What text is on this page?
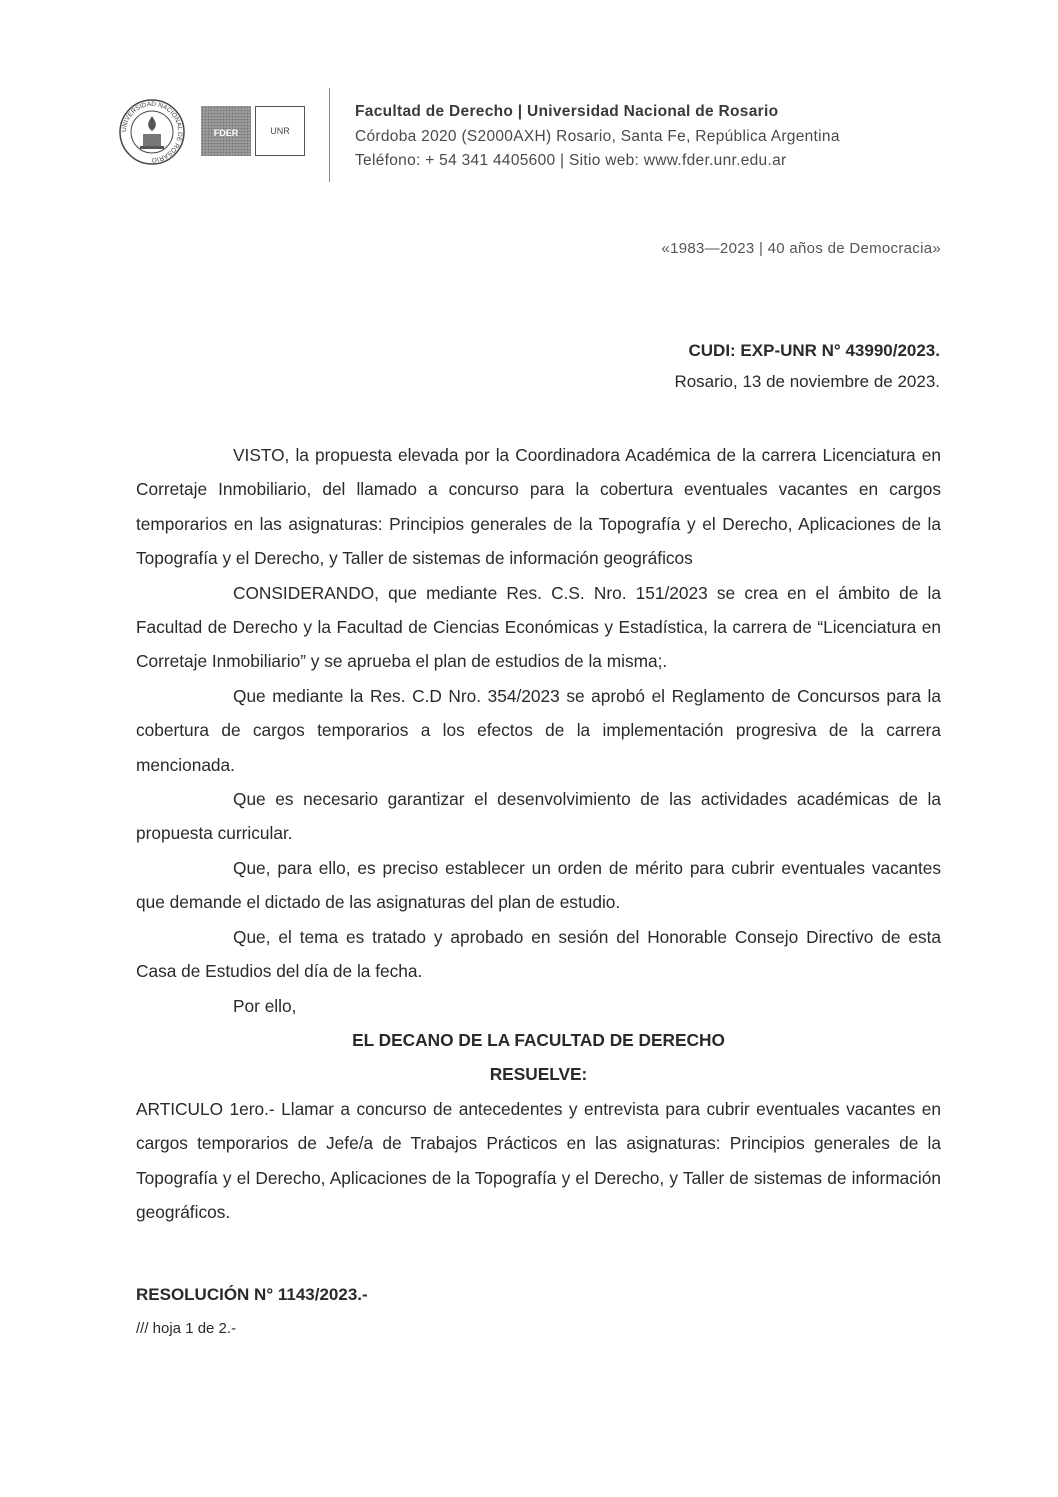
UNIVERSIDAD NACIONAL DE ROSARIO
FDER	UNR
Facultad de Derecho | Universidad Nacional de Rosario
Córdoba 2020 (S2000AXH) Rosario, Santa Fe, República Argentina
Teléfono: + 54 341 4405600 | Sitio web: www.fder.unr.edu.ar
«1983—2023 | 40 años de Democracia»
CUDI: EXP-UNR N° 43990/2023.
Rosario, 13 de noviembre de 2023.

VISTO, la propuesta elevada por la Coordinadora Académica de la carrera Licenciatura en Corretaje Inmobiliario, del llamado a concurso para la cobertura eventuales vacantes en cargos temporarios en las asignaturas: Principios generales de la Topografía y el Derecho, Aplicaciones de la Topografía y el Derecho, y Taller de sistemas de información geográficos

CONSIDERANDO, que mediante Res. C.S. Nro. 151/2023 se crea en el ámbito de la Facultad de Derecho y la Facultad de Ciencias Económicas y Estadística, la carrera de “Licenciatura en Corretaje Inmobiliario” y se aprueba el plan de estudios de la misma;.

Que mediante la Res. C.D Nro. 354/2023 se aprobó el Reglamento de Concursos para la cobertura de cargos temporarios a los efectos de la implementación progresiva de la carrera mencionada.

Que es necesario garantizar el desenvolvimiento de las actividades académicas de la propuesta curricular.

Que, para ello, es preciso establecer un orden de mérito para cubrir eventuales vacantes que demande el dictado de las asignaturas del plan de estudio.

Que, el tema es tratado y aprobado en sesión del Honorable Consejo Directivo de esta Casa de Estudios del día de la fecha.

Por ello,

EL DECANO DE LA FACULTAD DE DERECHO

RESUELVE:

ARTICULO 1ero.- Llamar a concurso de antecedentes y entrevista para cubrir eventuales vacantes en cargos temporarios de Jefe/a de Trabajos Prácticos en las asignaturas: Principios generales de la Topografía y el Derecho, Aplicaciones de la Topografía y el Derecho, y Taller de sistemas de información geográficos.

RESOLUCIÓN N° 1143/2023.-
/// hoja 1 de 2.-
